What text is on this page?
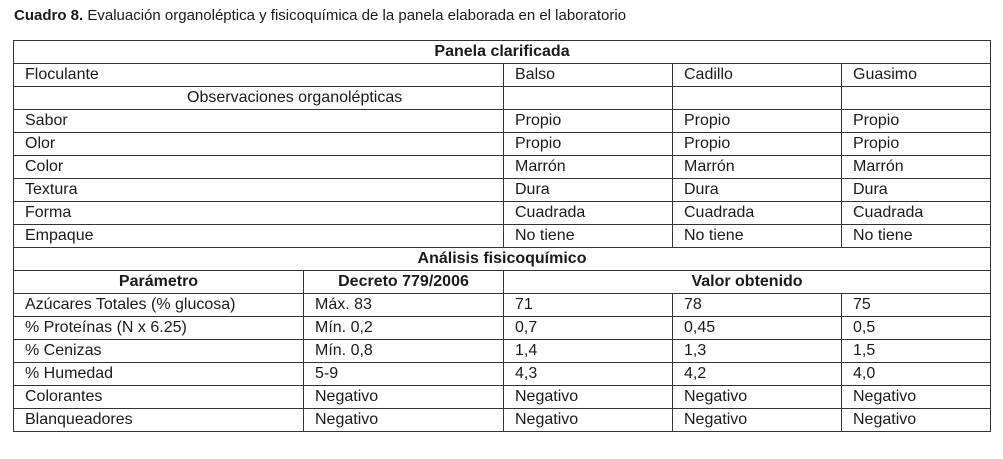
Cuadro 8. Evaluación organoléptica y fisicoquímica de la panela elaborada en el laboratorio
Panela clarificada				
Floculante		Balso	Cadillo	Guasimo
Observaciones organolépticas				
Sabor		Propio	Propio	Propio
Olor		Propio	Propio	Propio
Color		Marrón	Marrón	Marrón
Textura		Dura	Dura	Dura
Forma		Cuadrada	Cuadrada	Cuadrada
Empaque		No tiene	No tiene	No tiene
Análisis fisicoquímico				
Parámetro	Decreto 779/2006	Valor obtenido		
Azúcares Totales (% glucosa)	Máx. 83	71	78	75
% Proteínas (N x 6.25)	Mín. 0,2	0,7	0,45	0,5
% Cenizas	Mín. 0,8	1,4	1,3	1,5
% Humedad	5-9	4,3	4,2	4,0
Colorantes	Negativo	Negativo	Negativo	Negativo
Blanqueadores	Negativo	Negativo	Negativo	Negativo
